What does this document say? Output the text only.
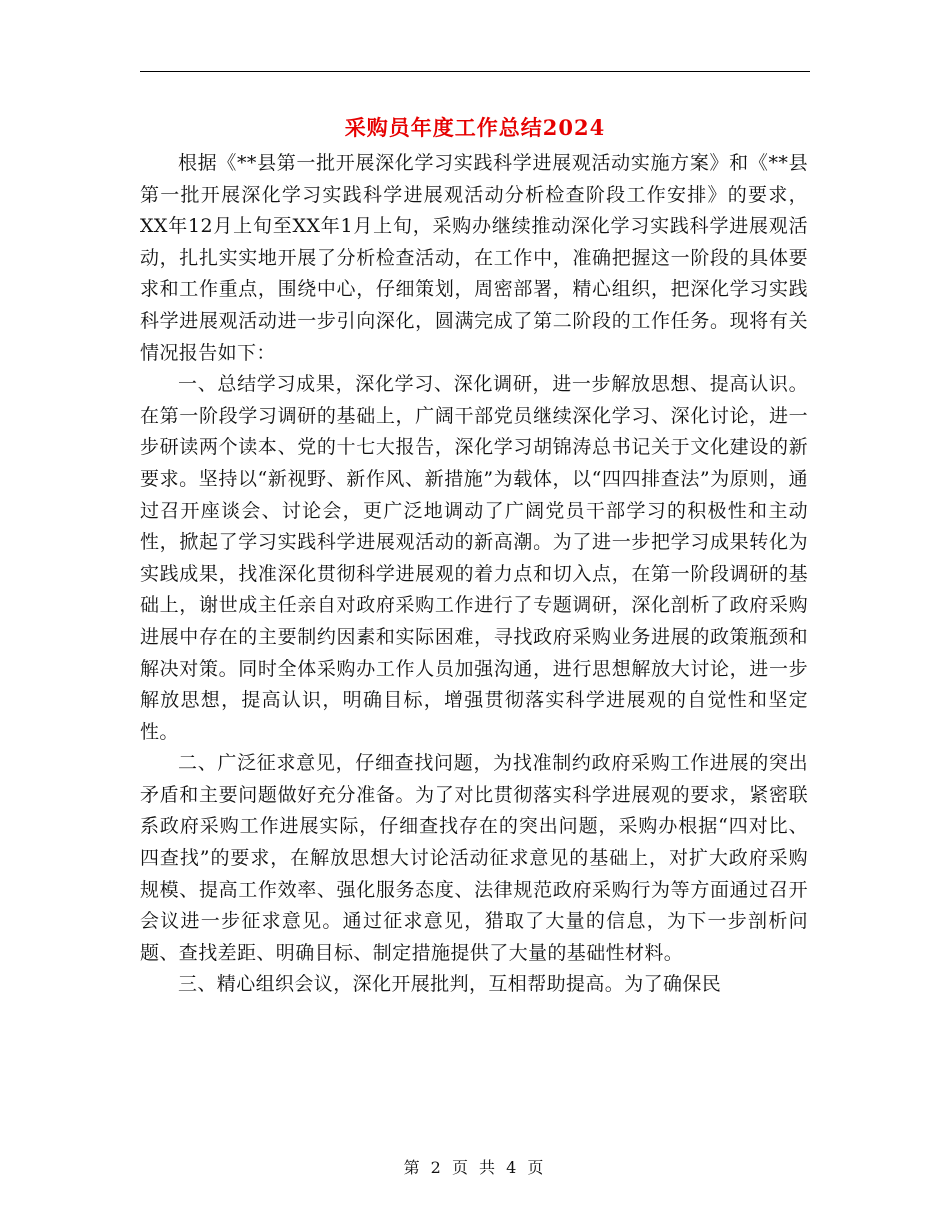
采购员年度工作总结2024

根据《**县第一批开展深化学习实践科学进展观活动实施方案》和《**县第一批开展深化学习实践科学进展观活动分析检查阶段工作安排》的要求，XX年12月上旬至XX年1月上旬，采购办继续推动深化学习实践科学进展观活动，扎扎实实地开展了分析检查活动，在工作中，准确把握这一阶段的具体要求和工作重点，围绕中心，仔细策划，周密部署，精心组织，把深化学习实践科学进展观活动进一步引向深化，圆满完成了第二阶段的工作任务。现将有关情况报告如下：

一、总结学习成果，深化学习、深化调研，进一步解放思想、提高认识。在第一阶段学习调研的基础上，广阔干部党员继续深化学习、深化讨论，进一步研读两个读本、党的十七大报告，深化学习胡锦涛总书记关于文化建设的新要求。坚持以“新视野、新作风、新措施”为载体，以“四四排查法”为原则，通过召开座谈会、讨论会，更广泛地调动了广阔党员干部学习的积极性和主动性，掀起了学习实践科学进展观活动的新高潮。为了进一步把学习成果转化为实践成果，找准深化贯彻科学进展观的着力点和切入点，在第一阶段调研的基础上，谢世成主任亲自对政府采购工作进行了专题调研，深化剖析了政府采购进展中存在的主要制约因素和实际困难，寻找政府采购业务进展的政策瓶颈和解决对策。同时全体采购办工作人员加强沟通，进行思想解放大讨论，进一步解放思想，提高认识，明确目标，增强贯彻落实科学进展观的自觉性和坚定性。

二、广泛征求意见，仔细查找问题，为找准制约政府采购工作进展的突出矛盾和主要问题做好充分准备。为了对比贯彻落实科学进展观的要求，紧密联系政府采购工作进展实际，仔细查找存在的突出问题，采购办根据“四对比、四查找”的要求，在解放思想大讨论活动征求意见的基础上，对扩大政府采购规模、提高工作效率、强化服务态度、法律规范政府采购行为等方面通过召开会议进一步征求意见。通过征求意见，猎取了大量的信息，为下一步剖析问题、查找差距、明确目标、制定措施提供了大量的基础性材料。

三、精心组织会议，深化开展批判，互相帮助提高。为了确保民

第 2 页 共 4 页
